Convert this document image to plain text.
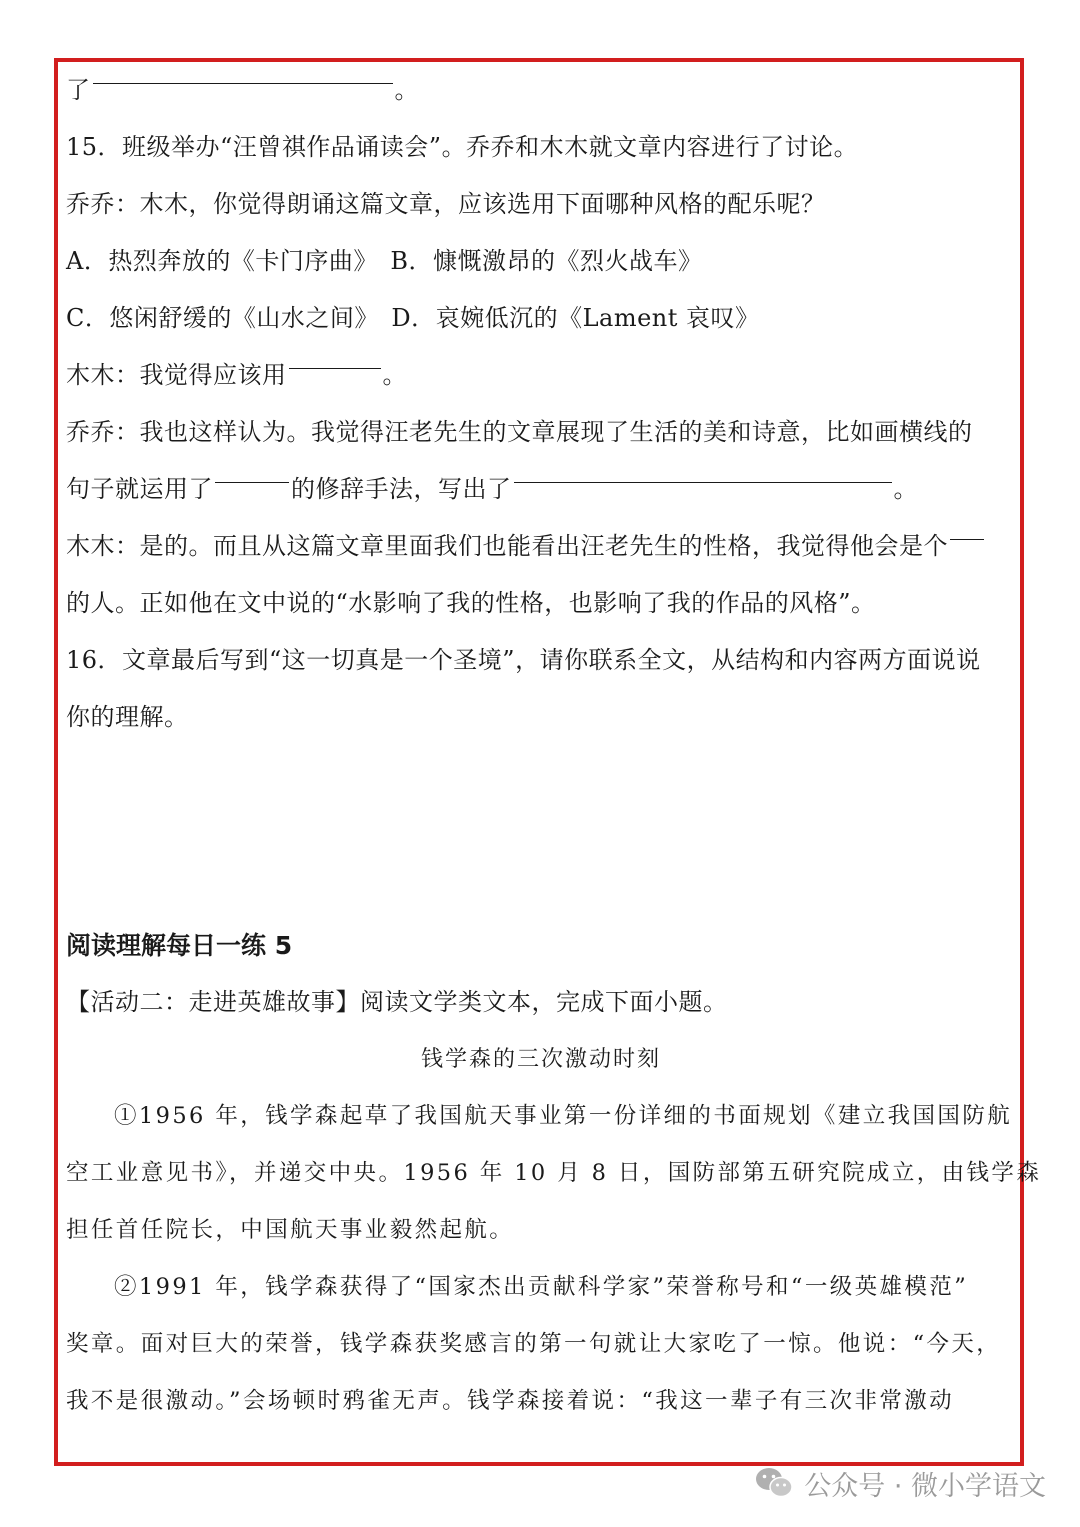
了	。
15．班级举办“汪曾祺作品诵读会”。乔乔和木木就文章内容进行了讨论。
乔乔：木木，你觉得朗诵这篇文章，应该选用下面哪种风格的配乐呢？
A．热烈奔放的《卡门序曲》　B．慷慨激昂的《烈火战车》
C．悠闲舒缓的《山水之间》　D．哀婉低沉的《Lament 哀叹》
木木：我觉得应该用	。
乔乔：我也这样认为。我觉得汪老先生的文章展现了生活的美和诗意，比如画横线的
句子就运用了	的修辞手法，写出了	。
木木：是的。而且从这篇文章里面我们也能看出汪老先生的性格，我觉得他会是个
的人。正如他在文中说的“水影响了我的性格，也影响了我的作品的风格”。
16．文章最后写到“这一切真是一个圣境”，请你联系全文，从结构和内容两方面说说
你的理解。
阅读理解每日一练 5
【活动二：走进英雄故事】阅读文学类文本，完成下面小题。
钱学森的三次激动时刻
①1956 年，钱学森起草了我国航天事业第一份详细的书面规划《建立我国国防航
空工业意见书》，并递交中央。1956 年 10 月 8 日，国防部第五研究院成立，由钱学森
担任首任院长，中国航天事业毅然起航。
②1991 年，钱学森获得了“国家杰出贡献科学家”荣誉称号和“一级英雄模范”
奖章。面对巨大的荣誉，钱学森获奖感言的第一句就让大家吃了一惊。他说：“今天，
我不是很激动。”会场顿时鸦雀无声。钱学森接着说：“我这一辈子有三次非常激动
公众号 · 微小学语文
